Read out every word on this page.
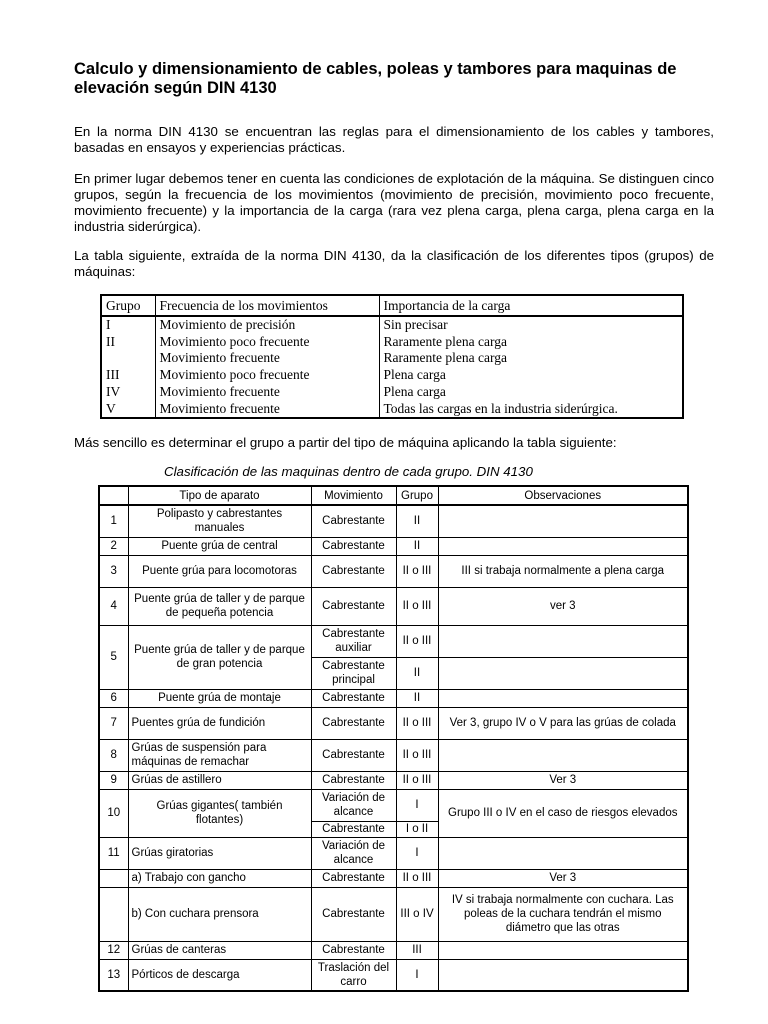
Calculo y dimensionamiento de cables, poleas y tambores para maquinas de elevación según DIN 4130

En la norma DIN 4130 se encuentran las reglas para el dimensionamiento de los cables y tambores, basadas en ensayos y experiencias prácticas.

En primer lugar debemos tener en cuenta las condiciones de explotación de la máquina. Se distinguen cinco grupos, según la frecuencia de los movimientos (movimiento de precisión, movimiento poco frecuente, movimiento frecuente) y la importancia de la carga (rara vez plena carga, plena carga, plena carga en la industria siderúrgica).

La tabla siguiente, extraída de la norma DIN 4130, da la clasificación de los diferentes tipos (grupos) de máquinas:

Grupo	Frecuencia de los movimientos	Importancia de la carga
I	Movimiento de precisión	Sin precisar
II	Movimiento poco frecuente	Raramente plena carga
	Movimiento frecuente	Raramente plena carga
III	Movimiento poco frecuente	Plena carga
IV	Movimiento frecuente	Plena carga
V	Movimiento frecuente	Todas las cargas en la industria siderúrgica.

Más sencillo es determinar el grupo a partir del tipo de máquina aplicando la tabla siguiente:

Clasificación de las maquinas dentro de cada grupo. DIN 4130
	Tipo de aparato	Movimiento	Grupo	Observaciones
1	Polipasto y cabrestantes manuales	Cabrestante	II	
2	Puente grúa de central	Cabrestante	II	
3	Puente grúa para locomotoras	Cabrestante	II o III	III si trabaja normalmente a plena carga
4	Puente grúa de taller y de parque de pequeña potencia	Cabrestante	II o III	ver 3
5	Puente grúa de taller y de parque de gran potencia	Cabrestante auxiliar	II o III	
		Cabrestante principal	II	
6	Puente grúa de montaje	Cabrestante	II	
7	Puentes grúa de fundición	Cabrestante	II o III	Ver 3, grupo IV o V para las grúas de colada
8	Grúas de suspensión para máquinas de remachar	Cabrestante	II o III	
9	Grúas de astillero	Cabrestante	II o III	Ver 3
10	Grúas gigantes( también flotantes)	Variación de alcance	I	Grupo III o IV en el caso de riesgos elevados
		Cabrestante	I o II	
11	Grúas giratorias	Variación de alcance	I	
	a) Trabajo con gancho	Cabrestante	II o III	Ver 3
	b) Con cuchara prensora	Cabrestante	III o IV	IV si trabaja normalmente con cuchara. Las poleas de la cuchara tendrán el mismo diámetro que las otras
12	Grúas de canteras	Cabrestante	III	
13	Pórticos de descarga	Traslación del carro	I	
